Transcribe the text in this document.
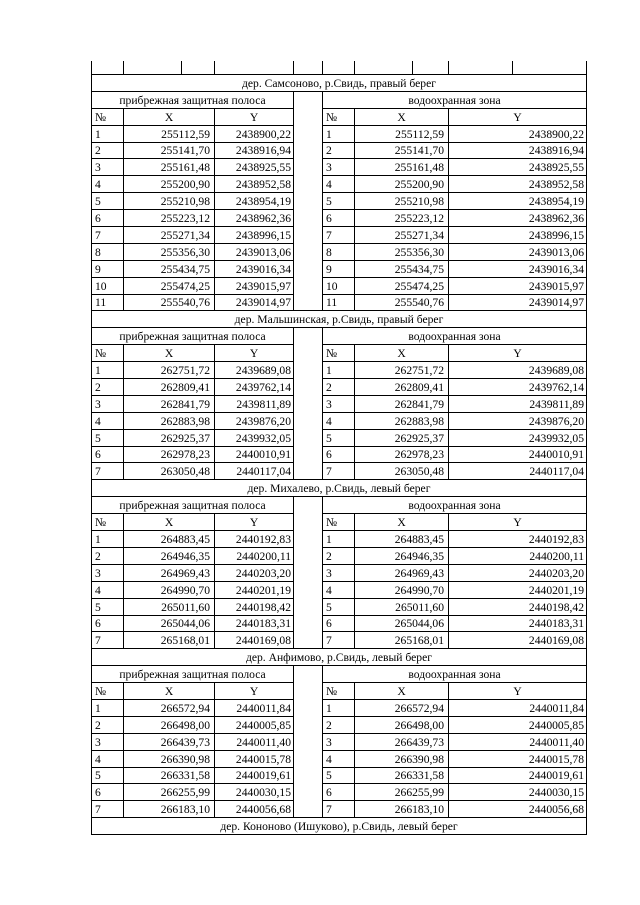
дер. Самсоново, р.Свидь, правый берег									
прибрежная защитная полоса					водоохранная зона				
№	X		Y		№	X		Y	
1	255112,59		2438900,22		1	255112,59		2438900,22	
2	255141,70		2438916,94		2	255141,70		2438916,94	
3	255161,48		2438925,55		3	255161,48		2438925,55	
4	255200,90		2438952,58		4	255200,90		2438952,58	
5	255210,98		2438954,19		5	255210,98		2438954,19	
6	255223,12		2438962,36		6	255223,12		2438962,36	
7	255271,34		2438996,15		7	255271,34		2438996,15	
8	255356,30		2439013,06		8	255356,30		2439013,06	
9	255434,75		2439016,34		9	255434,75		2439016,34	
10	255474,25		2439015,97		10	255474,25		2439015,97	
11	255540,76		2439014,97		11	255540,76		2439014,97	
дер. Мальшинская, р.Свидь, правый берег									
прибрежная защитная полоса					водоохранная зона				
№	X		Y		№	X		Y	
1	262751,72		2439689,08		1	262751,72		2439689,08	
2	262809,41		2439762,14		2	262809,41		2439762,14	
3	262841,79		2439811,89		3	262841,79		2439811,89	
4	262883,98		2439876,20		4	262883,98		2439876,20	
5	262925,37		2439932,05		5	262925,37		2439932,05	
6	262978,23		2440010,91		6	262978,23		2440010,91	
7	263050,48		2440117,04		7	263050,48		2440117,04	
дер. Михалево, р.Свидь, левый берег									
прибрежная защитная полоса					водоохранная зона				
№	X		Y		№	X		Y	
1	264883,45		2440192,83		1	264883,45		2440192,83	
2	264946,35		2440200,11		2	264946,35		2440200,11	
3	264969,43		2440203,20		3	264969,43		2440203,20	
4	264990,70		2440201,19		4	264990,70		2440201,19	
5	265011,60		2440198,42		5	265011,60		2440198,42	
6	265044,06		2440183,31		6	265044,06		2440183,31	
7	265168,01		2440169,08		7	265168,01		2440169,08	
дер. Анфимово, р.Свидь, левый берег									
прибрежная защитная полоса					водоохранная зона				
№	X		Y		№	X		Y	
1	266572,94		2440011,84		1	266572,94		2440011,84	
2	266498,00		2440005,85		2	266498,00		2440005,85	
3	266439,73		2440011,40		3	266439,73		2440011,40	
4	266390,98		2440015,78		4	266390,98		2440015,78	
5	266331,58		2440019,61		5	266331,58		2440019,61	
6	266255,99		2440030,15		6	266255,99		2440030,15	
7	266183,10		2440056,68		7	266183,10		2440056,68	
дер. Кононово (Ишуково), р.Свидь, левый берег									
